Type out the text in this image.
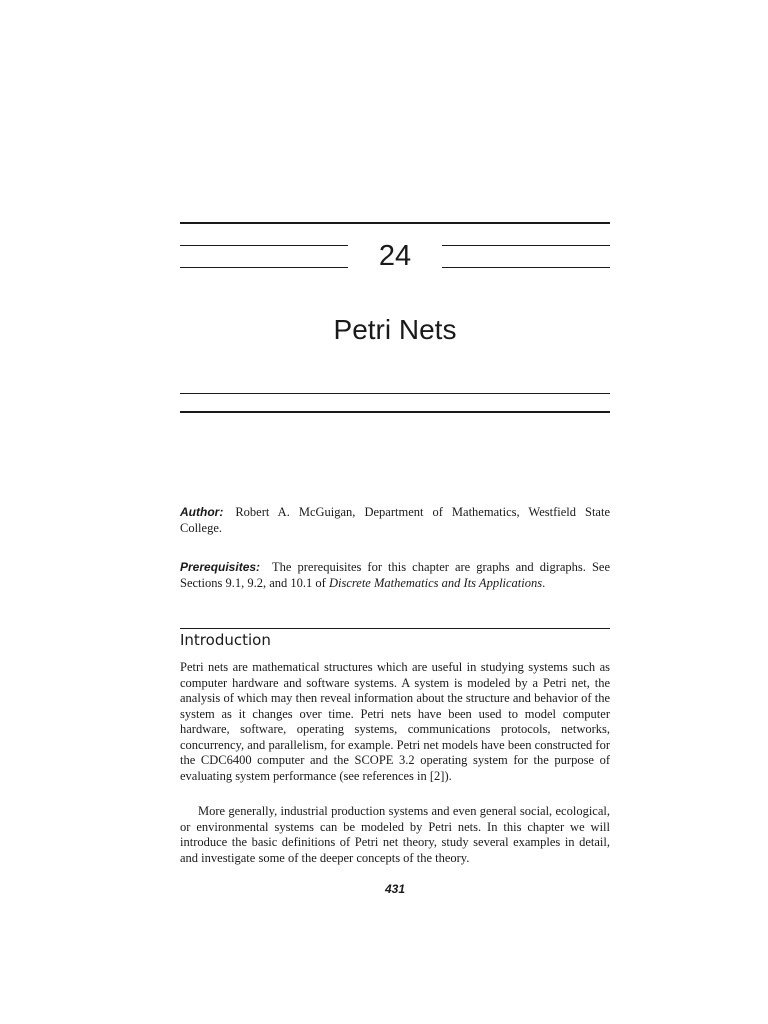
24
Petri Nets

Author: Robert A. McGuigan, Department of Mathematics, Westfield State College.

Prerequisites: The prerequisites for this chapter are graphs and digraphs. See Sections 9.1, 9.2, and 10.1 of Discrete Mathematics and Its Applications.

Introduction

Petri nets are mathematical structures which are useful in studying systems such as computer hardware and software systems. A system is modeled by a Petri net, the analysis of which may then reveal information about the structure and behavior of the system as it changes over time. Petri nets have been used to model computer hardware, software, operating systems, communications protocols, networks, concurrency, and parallelism, for example. Petri net models have been constructed for the CDC6400 computer and the SCOPE 3.2 operating system for the purpose of evaluating system performance (see references in [2]).

More generally, industrial production systems and even general social, ecological, or environmental systems can be modeled by Petri nets. In this chapter we will introduce the basic definitions of Petri net theory, study several examples in detail, and investigate some of the deeper concepts of the theory.

431
